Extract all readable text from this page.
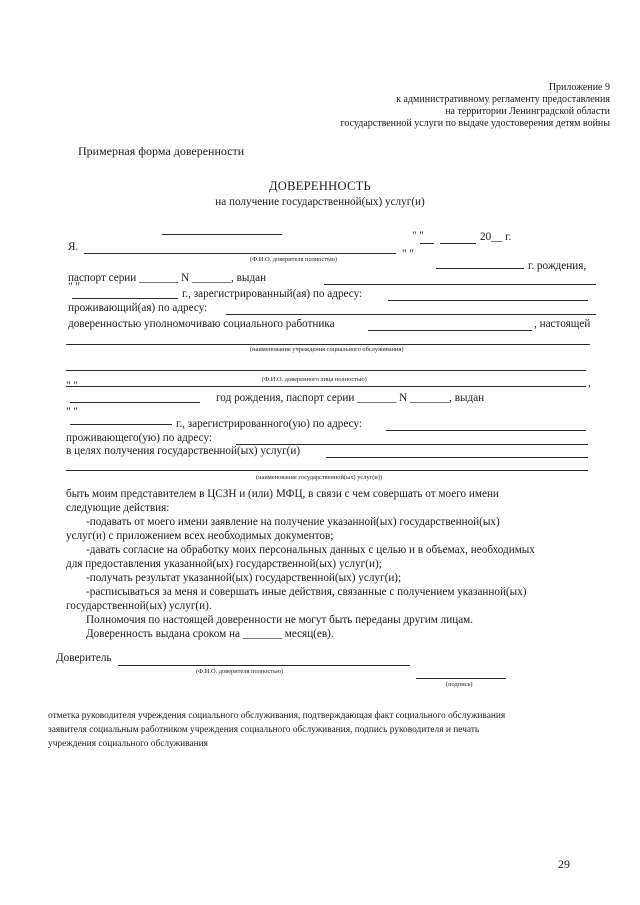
Приложение 9
к административному регламенту предоставления
на территории Ленинградской области
государственной услуги по выдаче удостоверения детям войны
Примерная форма доверенности
ДОВЕРЕННОСТЬ
на получение государственной(ых) услуг(и)
" "	20__ г.
Я.
(Ф.И.О. доверителя полностью)	" "
г. рождения,
паспорт серии _______ N _______, выдан
" "
г., зарегистрированный(ая) по адресу:
проживающий(ая) по адресу:
доверенностью уполномочиваю социального работника	, настоящей
(наименование учреждения социального обслуживания)
(Ф.И.О. доверенного лица полностью)	,
" "
год рождения, паспорт серии _______ N _______, выдан
" "
г., зарегистрированного(ую) по адресу:
проживающего(ую) по адресу:
в целях получения государственной(ых) услуг(и)
(наименование государственной(ых) услуг(и))
быть моим представителем в ЦСЗН и (или) МФЦ, в связи с чем совершать от моего имени
следующие действия:
-подавать от моего имени заявление на получение указанной(ых) государственной(ых)
услуг(и) с приложением всех необходимых документов;
-давать согласие на обработку моих персональных данных с целью и в объемах, необходимых
для предоставления указанной(ых) государственной(ых) услуг(и);
-получать результат указанной(ых) государственной(ых) услуг(и);
-расписываться за меня и совершать иные действия, связанные с получением указанной(ых)
государственной(ых) услуг(и).
Полномочия по настоящей доверенности не могут быть переданы другим лицам.
Доверенность выдана сроком на _______ месяц(ев).
Доверитель
(Ф.И.О. доверителя полностью)
(подпись)
отметка руководителя учреждения социального обслуживания, подтверждающая факт социального обслуживания
заявителя социальным работником учреждения социального обслуживания, подпись руководителя и печать
учреждения социального обслуживания
29
